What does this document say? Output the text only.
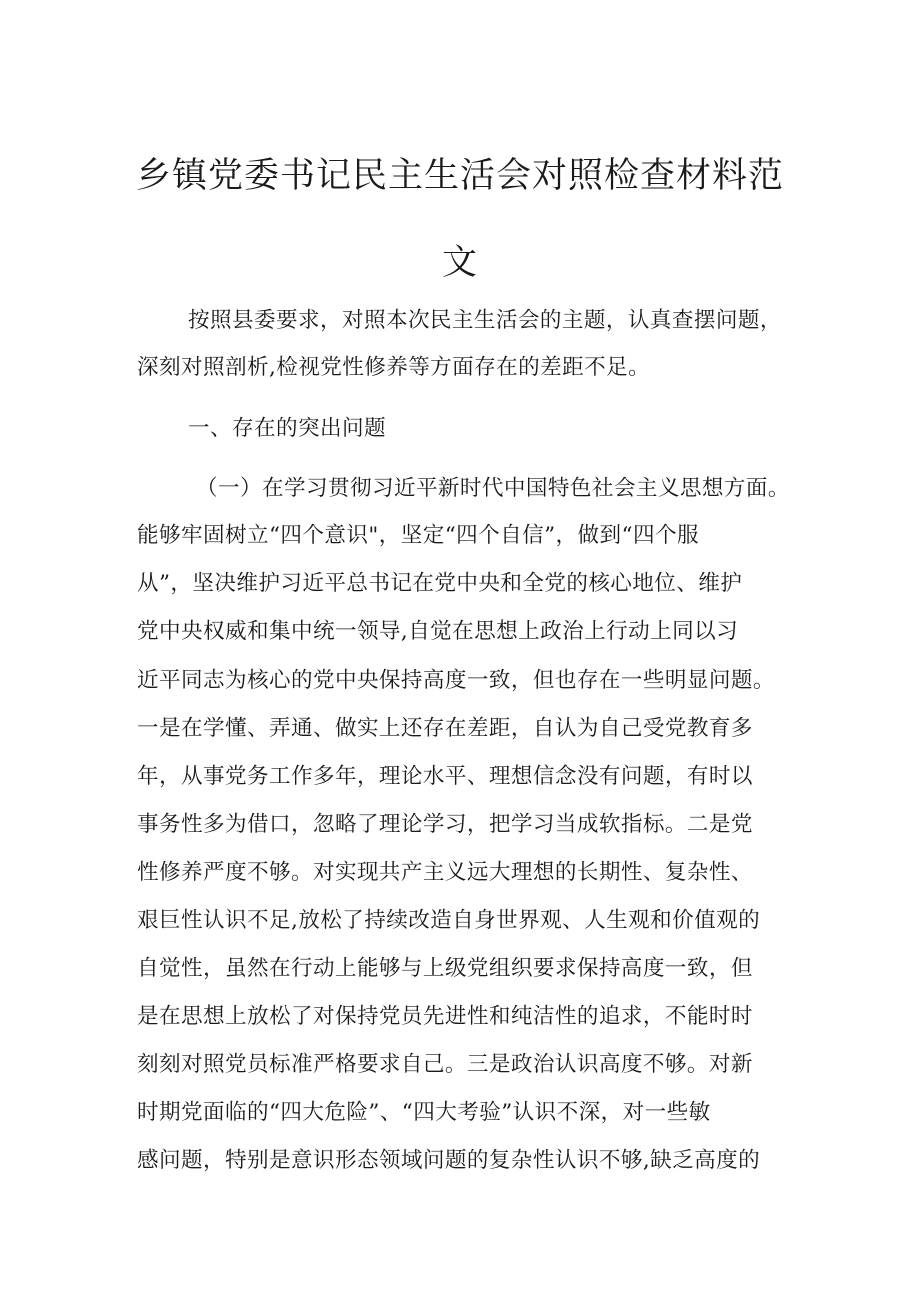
乡镇党委书记民主生活会对照检查材料范
文
按照县委要求，对照本次民主生活会的主题，认真查摆问题，
深刻对照剖析,检视党性修养等方面存在的差距不足。
一、存在的突出问题
（一）在学习贯彻习近平新时代中国特色社会主义思想方面。
能够牢固树立“四个意识"，坚定“四个自信”，做到“四个服
从”，坚决维护习近平总书记在党中央和全党的核心地位、维护
党中央权威和集中统一领导,自觉在思想上政治上行动上同以习
近平同志为核心的党中央保持高度一致，但也存在一些明显问题。
一是在学懂、弄通、做实上还存在差距，自认为自己受党教育多
年，从事党务工作多年，理论水平、理想信念没有问题，有时以
事务性多为借口，忽略了理论学习，把学习当成软指标。二是党
性修养严度不够。对实现共产主义远大理想的长期性、复杂性、
艰巨性认识不足,放松了持续改造自身世界观、人生观和价值观的
自觉性，虽然在行动上能够与上级党组织要求保持高度一致，但
是在思想上放松了对保持党员先进性和纯洁性的追求，不能时时
刻刻对照党员标准严格要求自己。三是政治认识高度不够。对新
时期党面临的“四大危险”、“四大考验”认识不深，对一些敏
感问题，特别是意识形态领域问题的复杂性认识不够,缺乏高度的
